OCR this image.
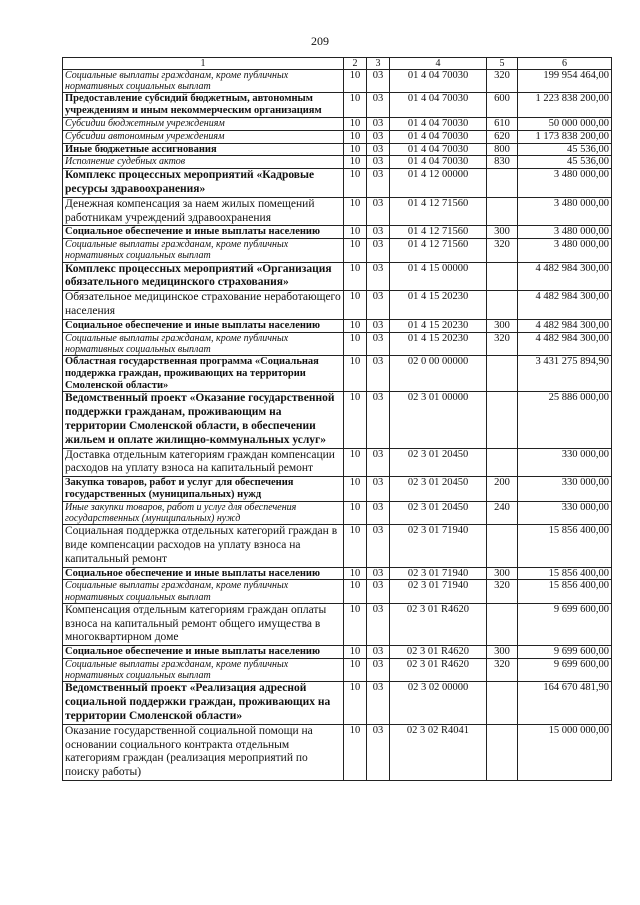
209
1	2	3	4	5	6
Социальные выплаты гражданам, кроме публичных нормативных социальных выплат	10	03	01 4 04 70030	320	199 954 464,00
Предоставление субсидий бюджетным, автономным учреждениям и иным некоммерческим организациям	10	03	01 4 04 70030	600	1 223 838 200,00
Субсидии бюджетным учреждениям	10	03	01 4 04 70030	610	50 000 000,00
Субсидии автономным учреждениям	10	03	01 4 04 70030	620	1 173 838 200,00
Иные бюджетные ассигнования	10	03	01 4 04 70030	800	45 536,00
Исполнение судебных актов	10	03	01 4 04 70030	830	45 536,00
Комплекс процессных мероприятий «Кадровые ресурсы здравоохранения»	10	03	01 4 12 00000		3 480 000,00
Денежная компенсация за наем жилых помещений работникам учреждений здравоохранения	10	03	01 4 12 71560		3 480 000,00
Социальное обеспечение и иные выплаты населению	10	03	01 4 12 71560	300	3 480 000,00
Социальные выплаты гражданам, кроме публичных нормативных социальных выплат	10	03	01 4 12 71560	320	3 480 000,00
Комплекс процессных мероприятий «Организация обязательного медицинского страхования»	10	03	01 4 15 00000		4 482 984 300,00
Обязательное медицинское страхование неработающего населения	10	03	01 4 15 20230		4 482 984 300,00
Социальное обеспечение и иные выплаты населению	10	03	01 4 15 20230	300	4 482 984 300,00
Социальные выплаты гражданам, кроме публичных нормативных социальных выплат	10	03	01 4 15 20230	320	4 482 984 300,00
Областная государственная программа «Социальная поддержка граждан, проживающих на территории Смоленской области»	10	03	02 0 00 00000		3 431 275 894,90
Ведомственный проект «Оказание государственной поддержки гражданам, проживающим на территории Смоленской области, в обеспечении жильем и оплате жилищно-коммунальных услуг»	10	03	02 3 01 00000		25 886 000,00
Доставка отдельным категориям граждан компенсации расходов на уплату взноса на капитальный ремонт	10	03	02 3 01 20450		330 000,00
Закупка товаров, работ и услуг для обеспечения государственных (муниципальных) нужд	10	03	02 3 01 20450	200	330 000,00
Иные закупки товаров, работ и услуг для обеспечения государственных (муниципальных) нужд	10	03	02 3 01 20450	240	330 000,00
Социальная поддержка отдельных категорий граждан в виде компенсации расходов на уплату взноса на капитальный ремонт	10	03	02 3 01 71940		15 856 400,00
Социальное обеспечение и иные выплаты населению	10	03	02 3 01 71940	300	15 856 400,00
Социальные выплаты гражданам, кроме публичных нормативных социальных выплат	10	03	02 3 01 71940	320	15 856 400,00
Компенсация отдельным категориям граждан оплаты взноса на капитальный ремонт общего имущества в многоквартирном доме	10	03	02 3 01 R4620		9 699 600,00
Социальное обеспечение и иные выплаты населению	10	03	02 3 01 R4620	300	9 699 600,00
Социальные выплаты гражданам, кроме публичных нормативных социальных выплат	10	03	02 3 01 R4620	320	9 699 600,00
Ведомственный проект «Реализация адресной социальной поддержки граждан, проживающих на территории Смоленской области»	10	03	02 3 02 00000		164 670 481,90
Оказание государственной социальной помощи на основании социального контракта отдельным категориям граждан (реализация мероприятий по поиску работы)	10	03	02 3 02 R4041		15 000 000,00
